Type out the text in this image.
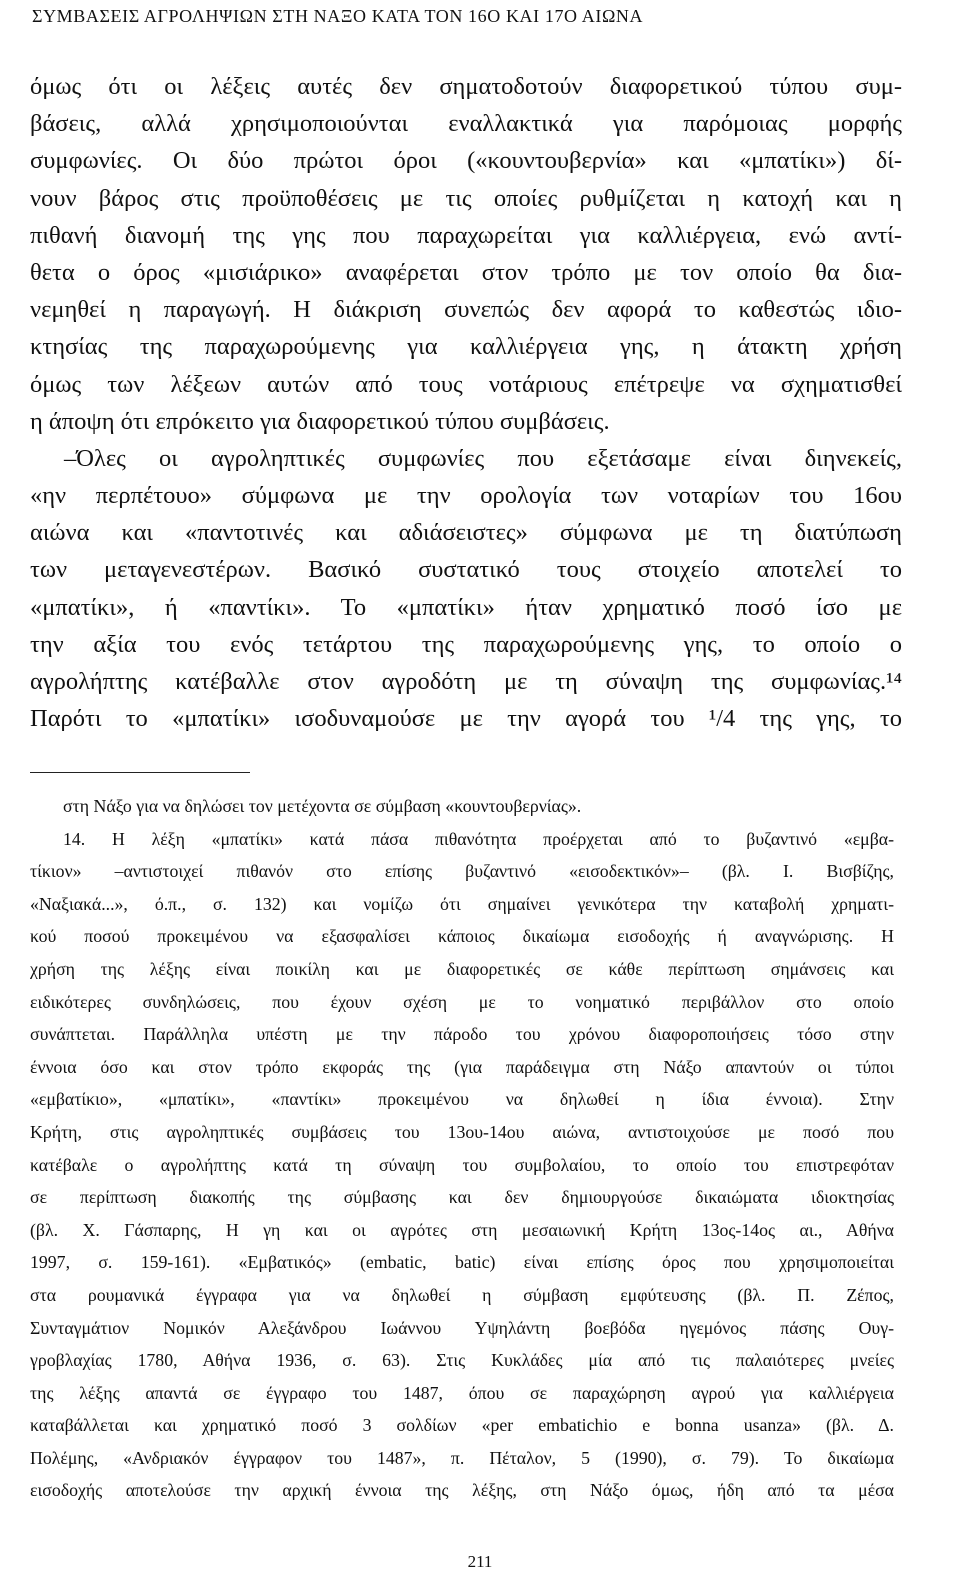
ΣΥΜΒΑΣΕΙΣ ΑΓΡΟΛΗΨΙΩΝ ΣΤΗ ΝΑΞΟ ΚΑΤΑ ΤΟΝ 16Ο ΚΑΙ 17Ο ΑΙΩΝΑ
όμως ότι οι λέξεις αυτές δεν σηματοδοτούν διαφορετικού τύπου συμ-
βάσεις, αλλά χρησιμοποιούνται εναλλακτικά για παρόμοιας μορφής
συμφωνίες. Οι δύο πρώτοι όροι («κουντουβερνία» και «μπατίκι») δί-
νουν βάρος στις προϋποθέσεις με τις οποίες ρυθμίζεται η κατοχή και η
πιθανή διανομή της γης που παραχωρείται για καλλιέργεια, ενώ αντί-
θετα ο όρος «μισιάρικο» αναφέρεται στον τρόπο με τον οποίο θα δια-
νεμηθεί η παραγωγή. Η διάκριση συνεπώς δεν αφορά το καθεστώς ιδιο-
κτησίας της παραχωρούμενης για καλλιέργεια γης, η άτακτη χρήση
όμως των λέξεων αυτών από τους νοτάριους επέτρεψε να σχηματισθεί
η άποψη ότι επρόκειτο για διαφορετικού τύπου συμβάσεις.
–Όλες οι αγροληπτικές συμφωνίες που εξετάσαμε είναι διηνεκείς,
«ην περπέτουο» σύμφωνα με την ορολογία των νοταρίων του 16ου
αιώνα και «παντοτινές και αδιάσειστες» σύμφωνα με τη διατύπωση
των μεταγενεστέρων. Βασικό συστατικό τους στοιχείο αποτελεί το
«μπατίκι», ή «παντίκι». Το «μπατίκι» ήταν χρηματικό ποσό ίσο με
την αξία του ενός τετάρτου της παραχωρούμενης γης, το οποίο ο
αγρολήπτης κατέβαλλε στον αγροδότη με τη σύναψη της συμφωνίας.¹⁴
Παρότι το «μπατίκι» ισοδυναμούσε με την αγορά του ¹/4 της γης, το
στη Νάξο για να δηλώσει τον μετέχοντα σε σύμβαση «κουντουβερνίας».
14. Η λέξη «μπατίκι» κατά πάσα πιθανότητα προέρχεται από το βυζαντινό «εμβα-
τίκιον» –αντιστοιχεί πιθανόν στο επίσης βυζαντινό «εισοδεκτικόν»– (βλ. Ι. Βισβίζης,
«Ναξιακά...», ό.π., σ. 132) και νομίζω ότι σημαίνει γενικότερα την καταβολή χρηματι-
κού ποσού προκειμένου να εξασφαλίσει κάποιος δικαίωμα εισοδοχής ή αναγνώρισης. Η
χρήση της λέξης είναι ποικίλη και με διαφορετικές σε κάθε περίπτωση σημάνσεις και
ειδικότερες συνδηλώσεις, που έχουν σχέση με το νοηματικό περιβάλλον στο οποίο
συνάπτεται. Παράλληλα υπέστη με την πάροδο του χρόνου διαφοροποιήσεις τόσο στην
έννοια όσο και στον τρόπο εκφοράς της (για παράδειγμα στη Νάξο απαντούν οι τύποι
«εμβατίκιο», «μπατίκι», «παντίκι» προκειμένου να δηλωθεί η ίδια έννοια). Στην
Κρήτη, στις αγροληπτικές συμβάσεις του 13ου-14ου αιώνα, αντιστοιχούσε με ποσό που
κατέβαλε ο αγρολήπτης κατά τη σύναψη του συμβολαίου, το οποίο του επιστρεφόταν
σε περίπτωση διακοπής της σύμβασης και δεν δημιουργούσε δικαιώματα ιδιοκτησίας
(βλ. Χ. Γάσπαρης, Η γη και οι αγρότες στη μεσαιωνική Κρήτη 13ος-14ος αι., Αθήνα
1997, σ. 159-161). «Εμβατικός» (embatic, batic) είναι επίσης όρος που χρησιμοποιείται
στα ρουμανικά έγγραφα για να δηλωθεί η σύμβαση εμφύτευσης (βλ. Π. Ζέπος,
Συνταγμάτιον Νομικόν Αλεξάνδρου Ιωάννου Υψηλάντη βοεβόδα ηγεμόνος πάσης Ουγ-
γροβλαχίας 1780, Αθήνα 1936, σ. 63). Στις Κυκλάδες μία από τις παλαιότερες μνείες
της λέξης απαντά σε έγγραφο του 1487, όπου σε παραχώρηση αγρού για καλλιέργεια
καταβάλλεται και χρηματικό ποσό 3 σολδίων «per embatichio e bonna usanza» (βλ. Δ.
Πολέμης, «Ανδριακόν έγγραφον του 1487», π. Πέταλον, 5 (1990), σ. 79). Το δικαίωμα
εισοδοχής αποτελούσε την αρχική έννοια της λέξης, στη Νάξο όμως, ήδη από τα μέσα
211
